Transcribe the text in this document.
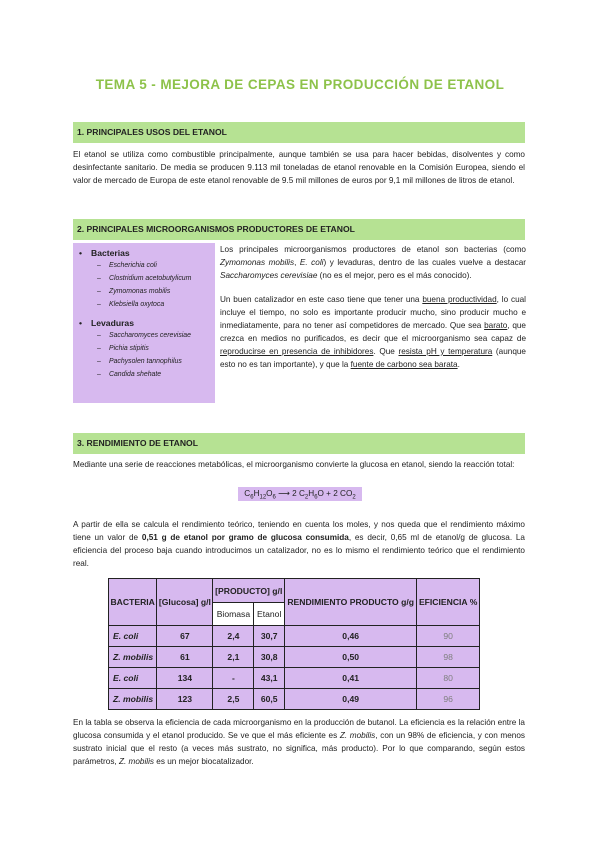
TEMA 5 - MEJORA DE CEPAS EN PRODUCCIÓN DE ETANOL
1. PRINCIPALES USOS DEL ETANOL

El etanol se utiliza como combustible principalmente, aunque también se usa para hacer bebidas, disolventes y como desinfectante sanitario. De media se producen 9.113 mil toneladas de etanol renovable en la Comisión Europea, siendo el valor de mercado de Europa de este etanol renovable de 9.5 mil millones de euros por 9,1 mil millones de litros de etanol.

2. PRINCIPALES MICROORGANISMOS PRODUCTORES DE ETANOL
• Bacterias
– Escherichia coli
– Clostridium acetobutylicum
– Zymomonas mobilis
– Klebsiella oxytoca
• Levaduras
– Saccharomyces cerevisiae
– Pichia stipitis
– Pachysolen tannophilus
– Candida shehate

Los principales microorganismos productores de etanol son bacterias (como Zymomonas mobilis, E. coli) y levaduras, dentro de las cuales vuelve a destacar Saccharomyces cerevisiae (no es el mejor, pero es el más conocido).

Un buen catalizador en este caso tiene que tener una buena productividad, lo cual incluye el tiempo, no solo es importante producir mucho, sino producir mucho e inmediatamente, para no tener así competidores de mercado. Que sea barato, que crezca en medios no purificados, es decir que el microorganismo sea capaz de reproducirse en presencia de inhibidores. Que resista pH y temperatura (aunque esto no es tan importante), y que la fuente de carbono sea barata.

3. RENDIMIENTO DE ETANOL

Mediante una serie de reacciones metabólicas, el microorganismo convierte la glucosa en etanol, siendo la reacción total:

$C_6H_{12}O_6$ ⟶ 2 $C_2H_6O + 2$ $CO_2$

A partir de ella se calcula el rendimiento teórico, teniendo en cuenta los moles, y nos queda que el rendimiento máximo tiene un valor de 0,51 g de etanol por gramo de glucosa consumida, es decir, 0,65 ml de etanol/g de glucosa. La eficiencia del proceso baja cuando introducimos un catalizador, no es lo mismo el rendimiento teórico que el rendimiento real.

BACTERIA	[Glucosa] g/l	[PRODUCTO] g/l		RENDIMIENTO PRODUCTO g/g	EFICIENCIA %
		Biomasa	Etanol		
E. coli	67	2,4	30,7	0,46	90
Z. mobilis	61	2,1	30,8	0,50	98
E. coli	134	-	43,1	0,41	80
Z. mobilis	123	2,5	60,5	0,49	96

En la tabla se observa la eficiencia de cada microorganismo en la producción de butanol. La eficiencia es la relación entre la glucosa consumida y el etanol producido. Se ve que el más eficiente es Z. mobilis, con un 98% de eficiencia, y con menos sustrato inicial que el resto (a veces más sustrato, no significa, más producto). Por lo que comparando, según estos parámetros, Z. mobilis es un mejor biocatalizador.
